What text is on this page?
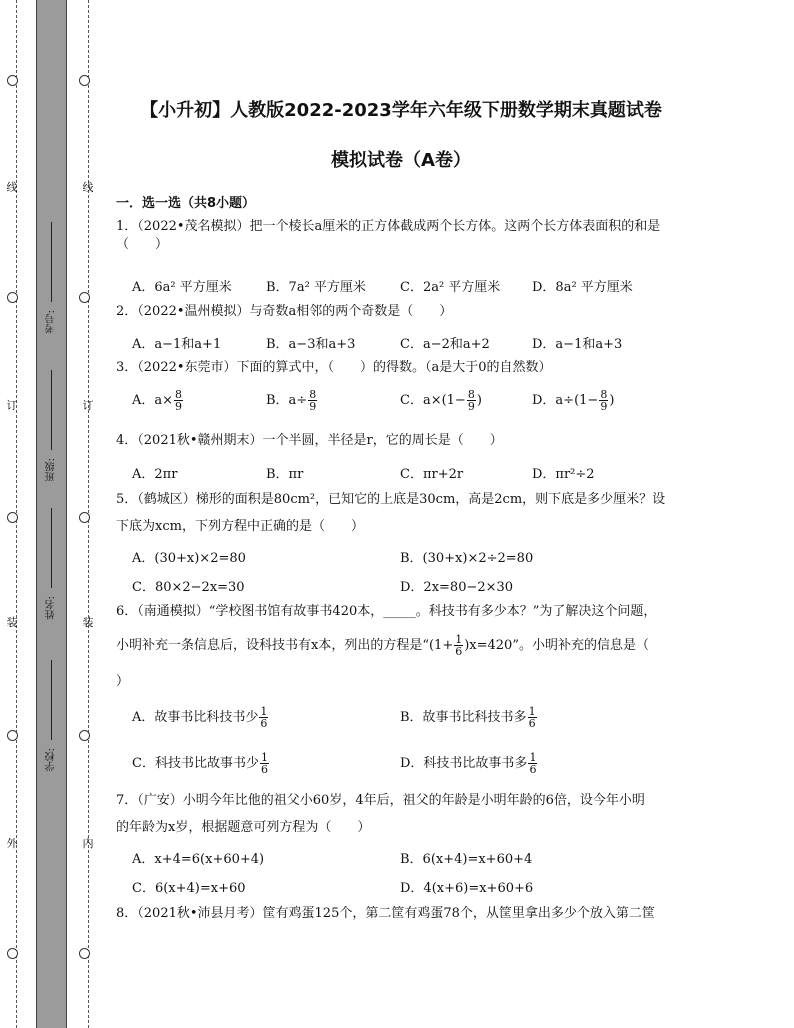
线
订
装
外
线
订
装
内
考号:
班级:
姓名:
学校:
【小升初】人教版2022-2023学年六年级下册数学期末真题试卷
模拟试卷（A卷）
一．选一选（共8小题）
1．（2022•茂名模拟）把一个棱长a厘米的正方体截成两个长方体。这两个长方体表面积的和是（　　）
A．6a² 平方厘米	B．7a² 平方厘米	C．2a² 平方厘米 D．8a² 平方厘米
2．（2022•温州模拟）与奇数a相邻的两个奇数是（　　）
A．a−1和a+1	B．a−3和a+3	C．a−2和a+2	D．a−1和a+3
3．（2022•东莞市）下面的算式中，（　　）的得数。（a是大于0的自然数）
A．$a\times \frac{8}{9}$	B．$a\div \frac{8}{9}$	C．$a\times(1- \frac{8}{9}$ )	D．$a\div(1- \frac{8}{9}$ )
4．（2021秋•赣州期末）一个半圆，半径是r，它的周长是（　　）
A．2πr	B．πr	C．πr+2r	D．πr²÷2
5．（鹤城区）梯形的面积是80cm²，已知它的上底是30cm，高是2cm，则下底是多少厘米？设
下底为xcm，下列方程中正确的是（　　）
A．(30+x)×2=80	B．(30+x)×2÷2=80
C．80×2−2x=30	D．2x=80−2×30
6．（南通模拟）“学校图书馆有故事书420本，_____。科技书有多少本？”为了解决这个问题，
小明补充一条信息后，设科技书有x本，列出的方程是“$(1+ \frac{1}{6} )x=420$”。小明补充的信息是（
）
A．故事书比科技书少 $\frac{1}{6}$	B．故事书比科技书多 $\frac{1}{6}$
C．科技书比故事书少 $\frac{1}{6}$	D．科技书比故事书多 $\frac{1}{6}$
7．（广安）小明今年比他的祖父小60岁，4年后，祖父的年龄是小明年龄的6倍，设今年小明
的年龄为x岁，根据题意可列方程为（　　）
A．x+4=6(x+60+4)	B．6(x+4)=x+60+4
C．6(x+4)=x+60	D．4(x+6)=x+60+6
8．（2021秋•沛县月考）筐有鸡蛋125个，第二筐有鸡蛋78个，从筐里拿出多少个放入第二筐
